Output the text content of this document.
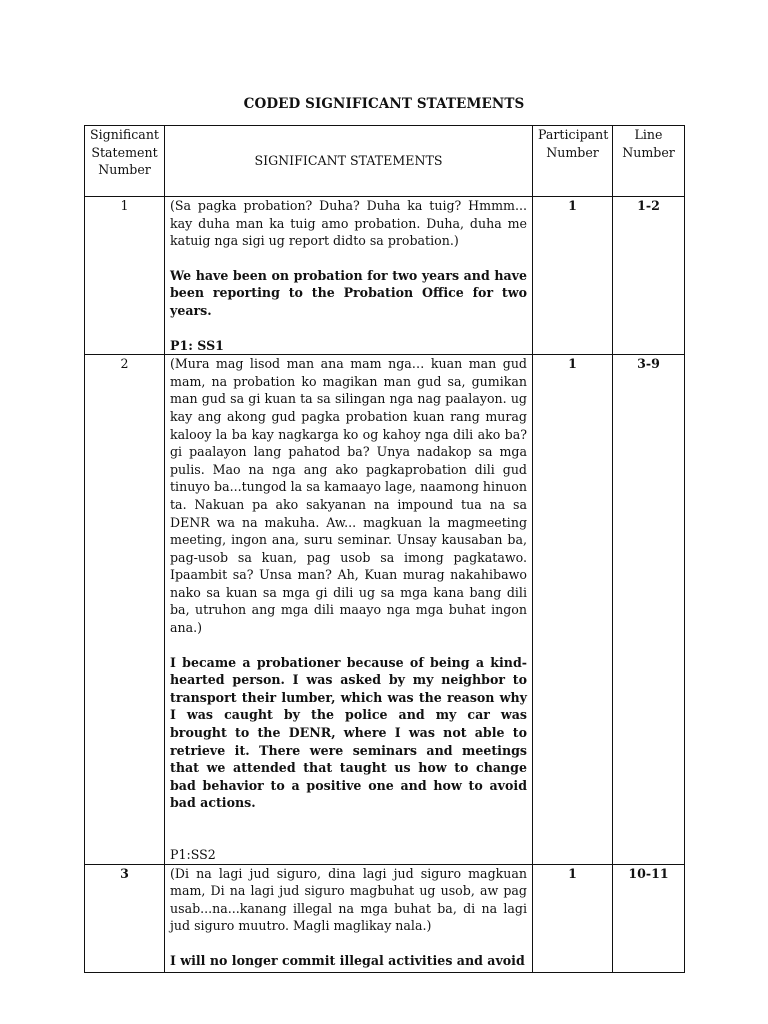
CODED SIGNIFICANT STATEMENTS
Significant Statement Number	SIGNIFICANT STATEMENTS	Participant Number	Line Number
1	(Sa pagka probation? Duha? Duha ka tuig? Hmmm... kay duha man ka tuig amo probation. Duha, duha me katuig nga sigi ug report didto sa probation.)

We have been on probation for two years and have been reporting to the Probation Office for two years.

P1: SS1	1	1-2
2	(Mura mag lisod man ana mam nga… kuan man gud mam, na probation ko magikan man gud sa, gumikan man gud sa gi kuan ta sa silingan nga nag paalayon. ug kay ang akong gud pagka probation kuan rang murag kalooy la ba kay nagkarga ko og kahoy nga dili ako ba? gi paalayon lang pahatod ba? Unya nadakop sa mga pulis. Mao na nga ang ako pagkaprobation dili gud tinuyo ba...tungod la sa kamaayo lage, naamong hinuon ta. Nakuan pa ako sakyanan na impound tua na sa DENR wa na makuha. Aw... magkuan la magmeeting meeting, ingon ana, suru seminar. Unsay kausaban ba, pag-usob sa kuan, pag usob sa imong pagkatawo. Ipaambit sa? Unsa man? Ah, Kuan murag nakahibawo nako sa kuan sa mga gi dili ug sa mga kana bang dili ba, utruhon ang mga dili maayo nga mga buhat ingon ana.)

I became a probationer because of being a kind-hearted person. I was asked by my neighbor to transport their lumber, which was the reason why I was caught by the police and my car was brought to the DENR, where I was not able to retrieve it. There were seminars and meetings that we attended that taught us how to change bad behavior to a positive one and how to avoid bad actions.

P1:SS2	1	3-9
3	(Di na lagi jud siguro, dina lagi jud siguro magkuan mam, Di na lagi jud siguro magbuhat ug usob, aw pag usab...na...kanang illegal na mga buhat ba, di na lagi jud siguro muutro. Magli maglikay nala.)

I will no longer commit illegal activities and avoid	1	10-11
